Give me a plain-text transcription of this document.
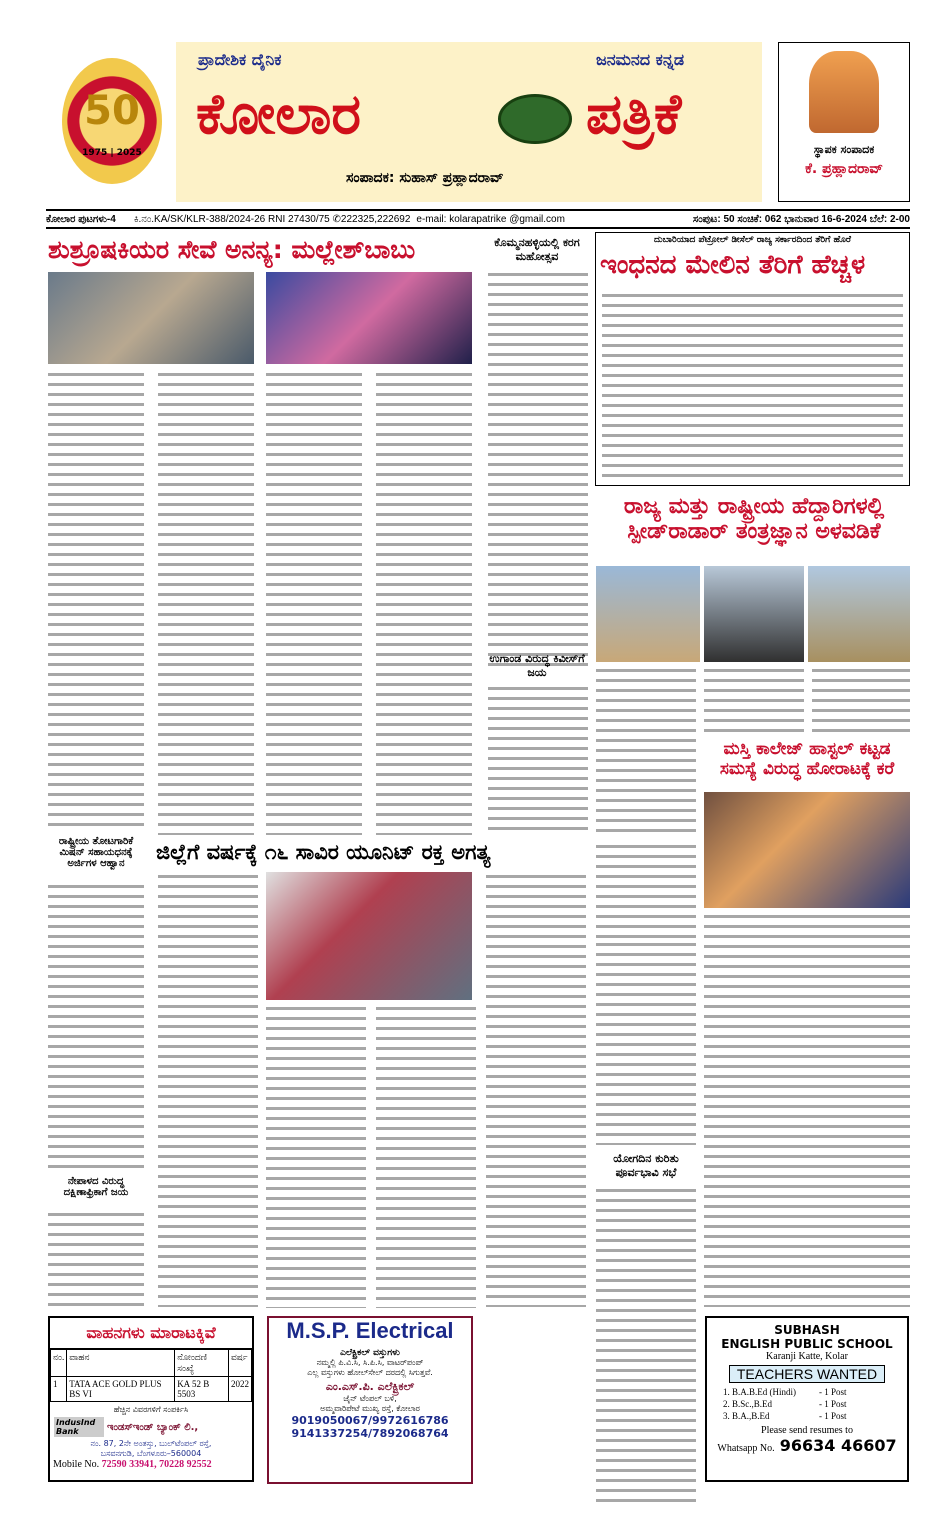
50
1975 | 2025
ಪ್ರಾದೇಶಿಕ ದೈನಿಕ	ಜನಮನದ ಕನ್ನಡ
ಕೋಲಾರ	ಪತ್ರಿಕೆ
ಸಂಪಾದಕ: ಸುಹಾಸ್ ಪ್ರಹ್ಲಾದರಾವ್
ಸ್ಥಾಪಕ ಸಂಪಾದಕ
ಕೆ. ಪ್ರಹ್ಲಾದರಾವ್
ಕೋಲಾರ ಪುಟಗಳು-4 ಕಿ.ನಂ.KA/SK/KLR-388/2024-26 RNI 27430/75 ✆222325,222692 e-mail: kolarapatrike @gmail.com	ಸಂಪುಟ: 50 ಸಂಚಿಕೆ: 062 ಭಾನುವಾರ 16-6-2024 ಬೆಲೆ: 2-00
ಶುಶ್ರೂಷಕಿಯರ ಸೇವೆ ಅನನ್ಯ: ಮಲ್ಲೇಶ್‌ಬಾಬು	ಕೊಮ್ಮನಹಳ್ಳಿಯಲ್ಲಿ ಕರಗ ಮಹೋತ್ಸವ
ಉಗಾಂಡ ವಿರುದ್ಧ ಕಿವೀಸ್‌ಗೆ ಜಯ
ದುಬಾರಿಯಾದ ಪೆಟ್ರೋಲ್ ಡೀಸೆಲ್ ರಾಜ್ಯ ಸರ್ಕಾರದಿಂದ ತೆರಿಗೆ ಹೊರೆ
ಇಂಧನದ ಮೇಲಿನ ತೆರಿಗೆ ಹೆಚ್ಚಳ
ರಾಜ್ಯ ಮತ್ತು ರಾಷ್ಟ್ರೀಯ ಹೆದ್ದಾರಿಗಳಲ್ಲಿ ಸ್ಪೀಡ್‌ರಾಡಾರ್ ತಂತ್ರಜ್ಞಾನ ಅಳವಡಿಕೆ
ಮಸ್ತಿ ಕಾಲೇಜ್ ಹಾಸ್ಟಲ್ ಕಟ್ಟಡ ಸಮಸ್ಯೆ ವಿರುದ್ಧ ಹೋರಾಟಕ್ಕೆ ಕರೆ
ರಾಷ್ಟ್ರೀಯ ತೋಟಗಾರಿಕೆ ಮಿಷನ್ ಸಹಾಯಧನಕ್ಕೆ ಅರ್ಜಿಗಳ ಆಹ್ವಾನ
ನೇಪಾಳದ ವಿರುದ್ಧ ದಕ್ಷಿಣಾಫ್ರಿಕಾಗೆ ಜಯ
ಜಿಲ್ಲೆಗೆ ವರ್ಷಕ್ಕೆ ೧೬ ಸಾವಿರ ಯೂನಿಟ್ ರಕ್ತ ಅಗತ್ಯ
ಯೋಗದಿನ ಕುರಿತು ಪೂರ್ವಭಾವಿ ಸಭೆ
ವಾಹನಗಳು ಮಾರಾಟಕ್ಕಿವೆ
ನಂ.	ವಾಹನ	ನೋಂದಣಿ ಸಂಖ್ಯೆ	ವರ್ಷ
1	TATA ACE GOLD PLUS BS VI	KA 52 B 5503	2022
ಹೆಚ್ಚಿನ ವಿವರಗಳಿಗೆ ಸಂಪರ್ಕಿಸಿ
IndusInd Bank	ಇಂಡಸ್‌ಇಂಡ್ ಬ್ಯಾಂಕ್ ಲಿ.,
ನಂ. 87, 2ನೇ ಅಂತಸ್ತು, ಬುಲ್‌ಟೆಂಪಲ್ ರಸ್ತೆ,
ಬಸವನಗುಡಿ, ಬೆಂಗಳೂರು–560004
Mobile No. 72590 33941, 70228 92552
M.S.P. Electrical
ಎಲೆಕ್ಟ್ರಿಕಲ್ ವಸ್ತುಗಳು
ನಮ್ಮಲ್ಲಿ ಪಿ.ವಿ.ಸಿ, ಸಿ.ಪಿ.ಸಿ, ವಾಟರ್‌ಪಂಪ್
ಎಲ್ಲ ವಸ್ತುಗಳು ಹೋಲ್‌ಸೇಲ್ ದರದಲ್ಲಿ ಸಿಗುತ್ತವೆ.
ಎಂ.ಎಸ್.ಪಿ. ಎಲೆಕ್ಟ್ರಿಕಲ್
ಜೈನ್ ಟೆಂಪಲ್ ಬಳಿ,
ಅಮ್ಮವಾರಿಪೇಟೆ ಮುಖ್ಯ ರಸ್ತೆ, ಕೋಲಾರ
9019050067/9972616786
9141337254/7892068764
SUBHASH
ENGLISH PUBLIC SCHOOL
Karanji Katte, Kolar
TEACHERS WANTED
1. B.A.B.Ed (Hindi)	- 1 Post
2. B.Sc.,B.Ed	- 1 Post
3. B.A.,B.Ed	- 1 Post
Please send resumes to
Whatsapp No. 96634 46607
